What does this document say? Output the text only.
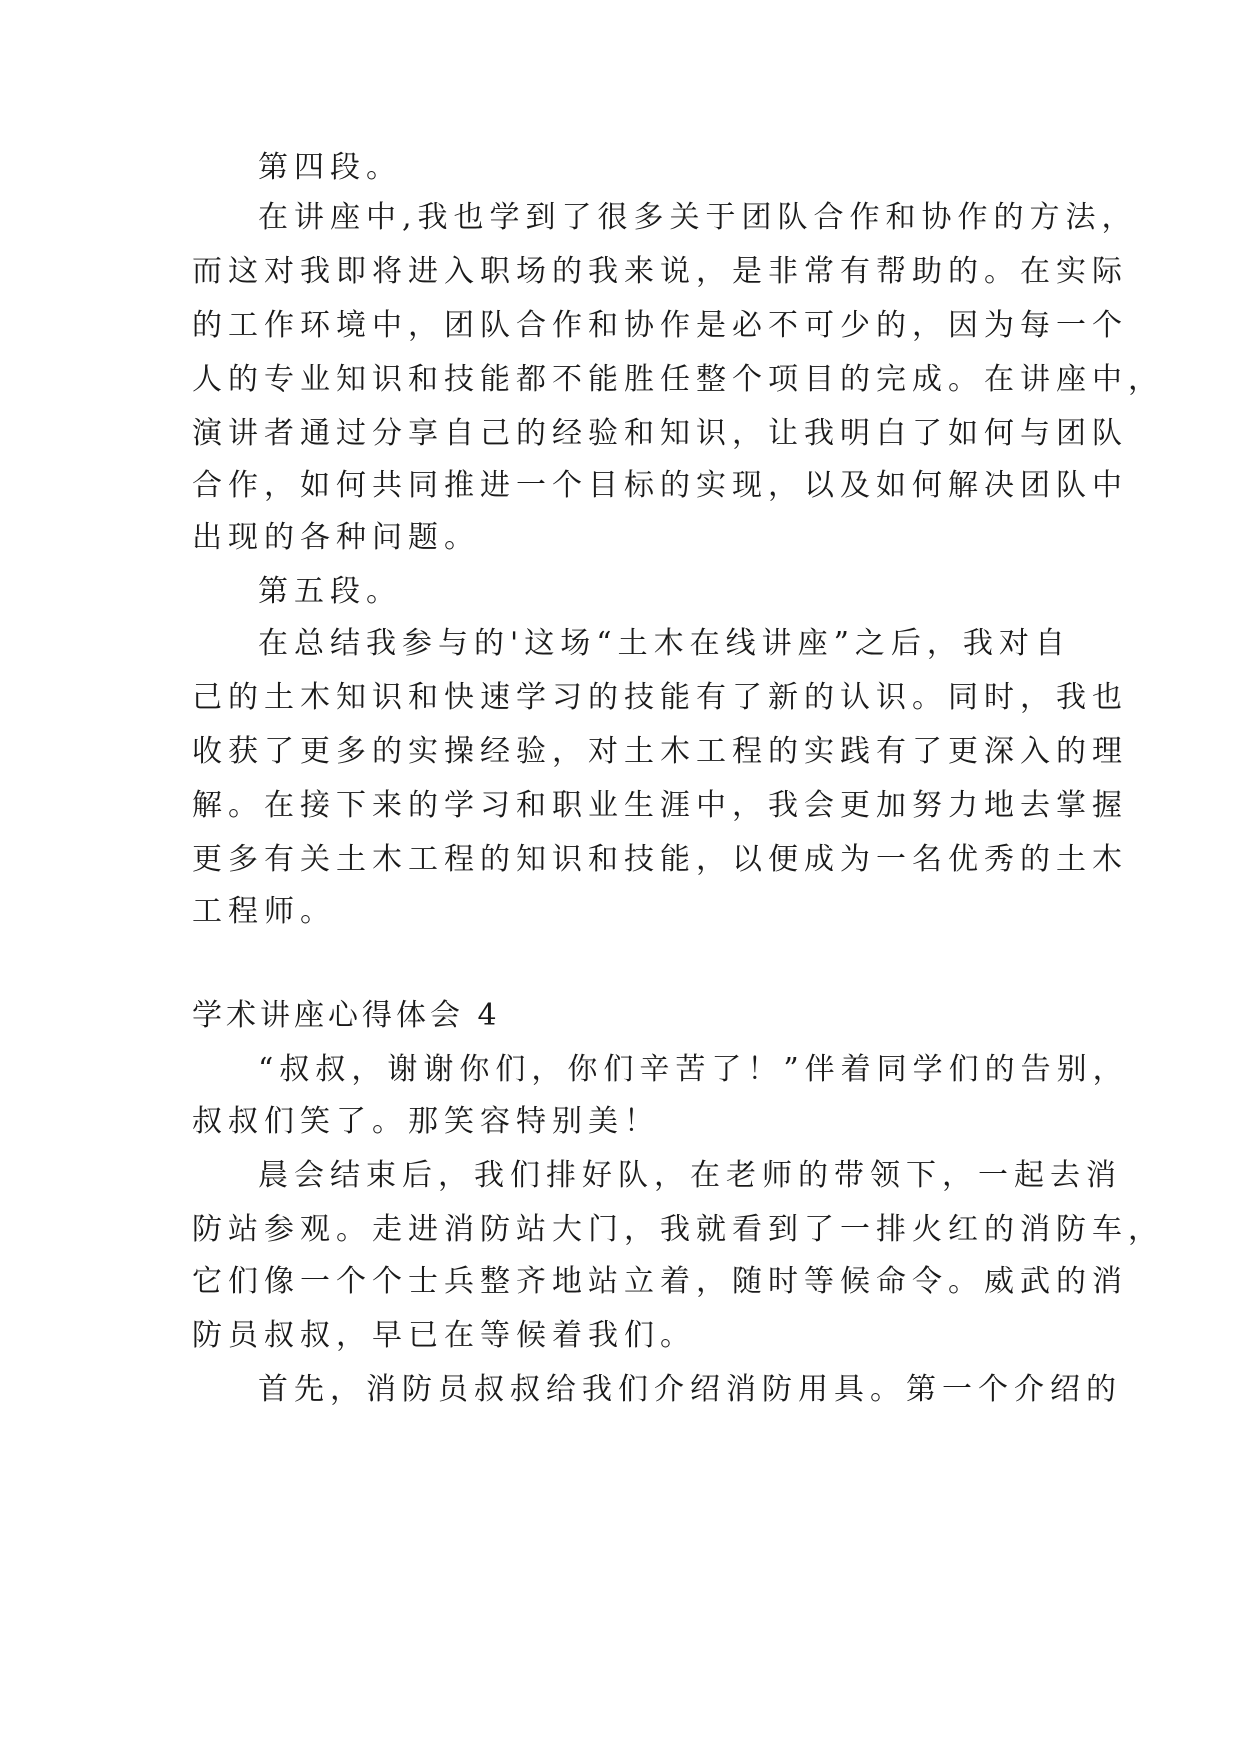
第四段。
在讲座中,我也学到了很多关于团队合作和协作的方法，
而这对我即将进入职场的我来说，是非常有帮助的。在实际
的工作环境中，团队合作和协作是必不可少的，因为每一个
人的专业知识和技能都不能胜任整个项目的完成。在讲座中，
演讲者通过分享自己的经验和知识，让我明白了如何与团队
合作，如何共同推进一个目标的实现，以及如何解决团队中
出现的各种问题。
第五段。
在总结我参与的'这场“土木在线讲座”之后，我对自
己的土木知识和快速学习的技能有了新的认识。同时，我也
收获了更多的实操经验，对土木工程的实践有了更深入的理
解。在接下来的学习和职业生涯中，我会更加努力地去掌握
更多有关土木工程的知识和技能，以便成为一名优秀的土木
工程师。
学术讲座心得体会 4
“叔叔，谢谢你们，你们辛苦了！”伴着同学们的告别，
叔叔们笑了。那笑容特别美！
晨会结束后，我们排好队，在老师的带领下，一起去消
防站参观。走进消防站大门，我就看到了一排火红的消防车，
它们像一个个士兵整齐地站立着，随时等候命令。威武的消
防员叔叔，早已在等候着我们。
首先，消防员叔叔给我们介绍消防用具。第一个介绍的
